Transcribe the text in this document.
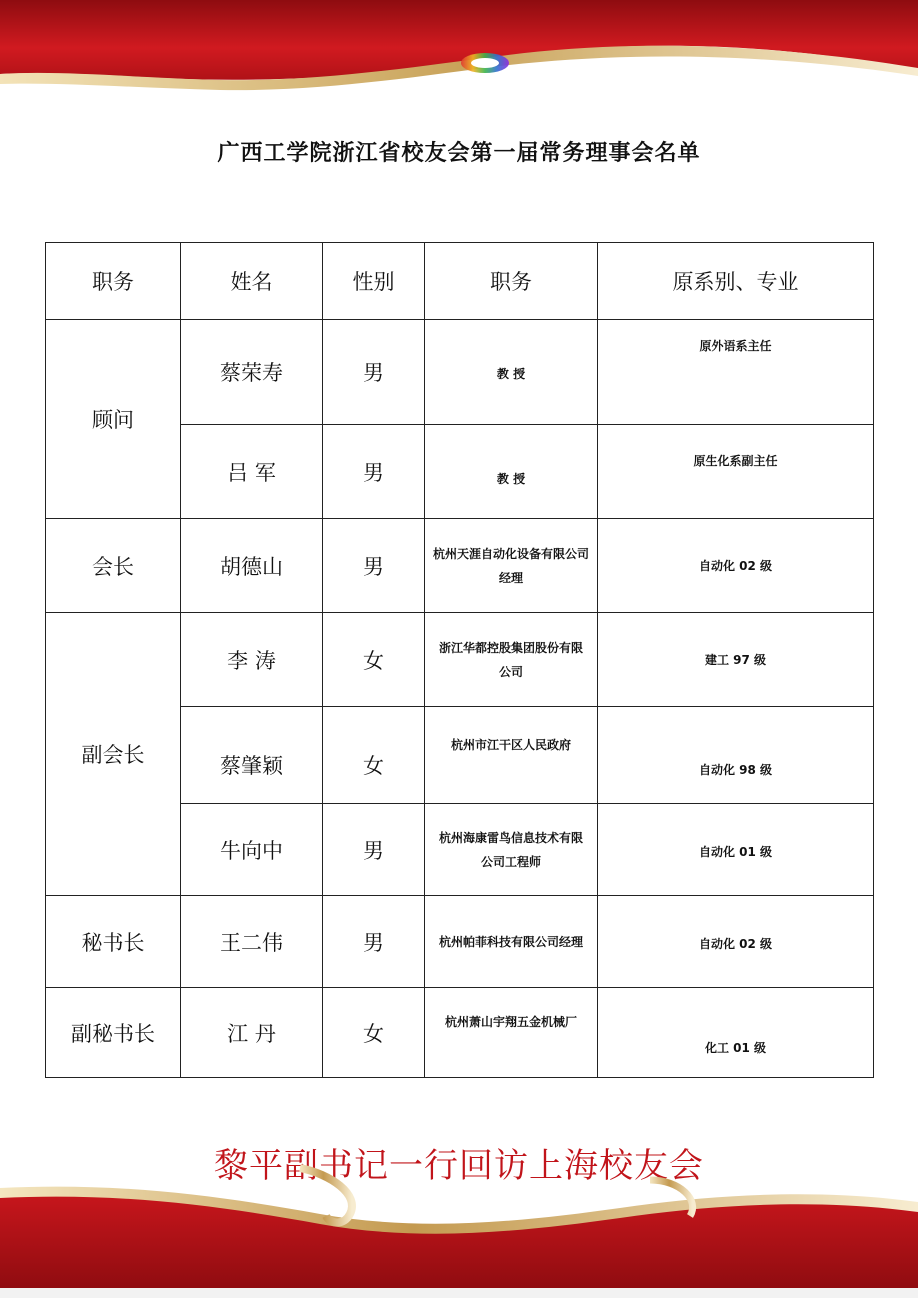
广西工学院浙江省校友会第一届常务理事会名单
职务	姓名	性别	职务	原系别、专业
顾问	蔡荣寿	男	教 授	原外语系主任
	吕 军	男	教 授	原生化系副主任
会长	胡德山	男	杭州天涯自动化设备有限公司经理	自动化 02 级
副会长	李 涛	女	浙江华都控股集团股份有限公司	建工 97 级
	蔡肇颖	女	杭州市江干区人民政府	自动化 98 级
	牛向中	男	杭州海康雷鸟信息技术有限公司工程师	自动化 01 级
秘书长	王二伟	男	杭州帕菲科技有限公司经理	自动化 02 级
副秘书长	江 丹	女	杭州萧山宇翔五金机械厂	化工 01 级
黎平副书记一行回访上海校友会
